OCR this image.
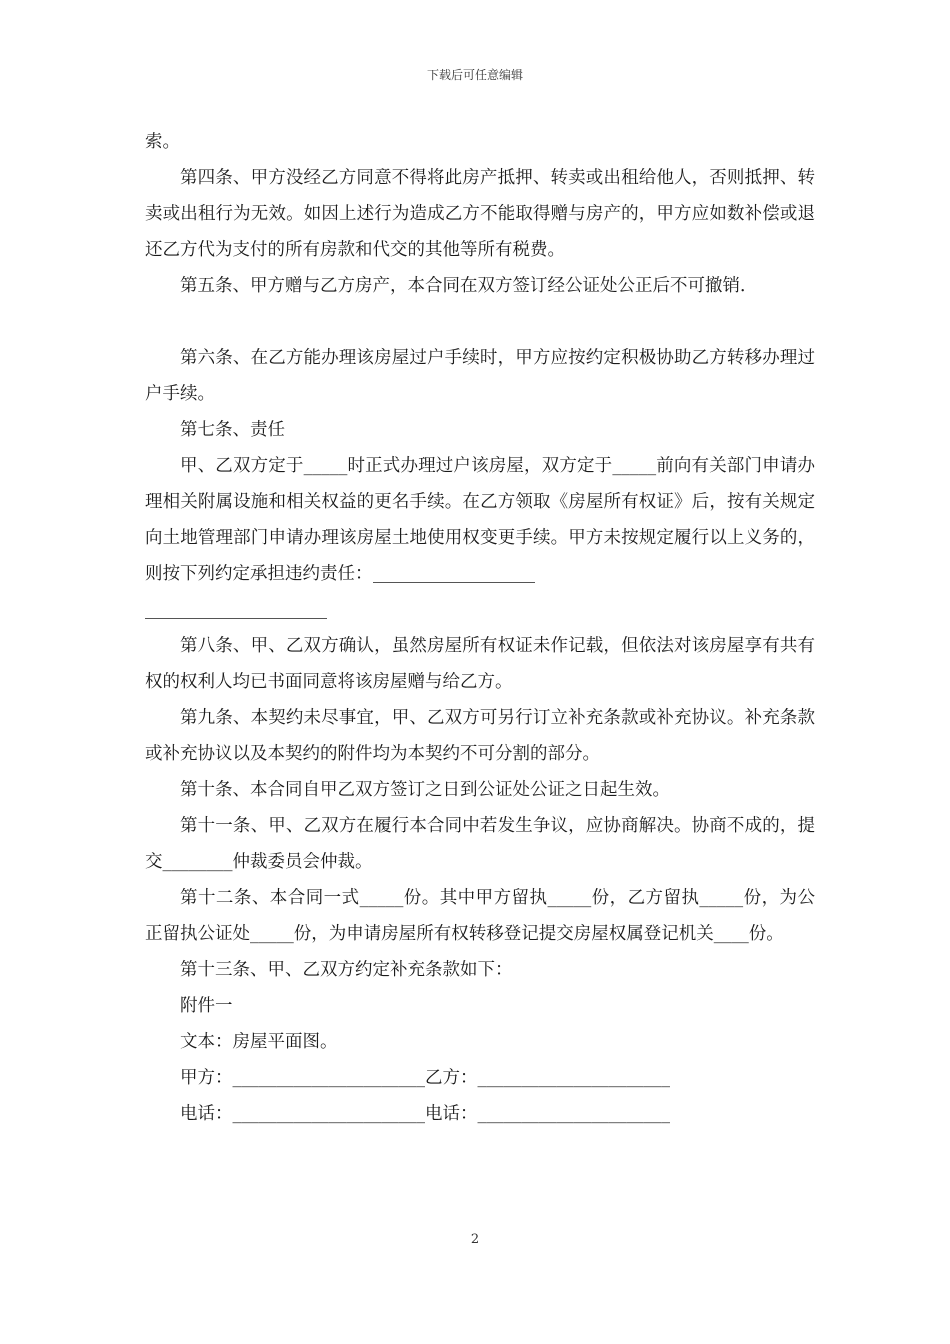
下载后可任意编辑

索。

第四条、甲方没经乙方同意不得将此房产抵押、转卖或出租给他人，否则抵押、转卖或出租行为无效。如因上述行为造成乙方不能取得赠与房产的，甲方应如数补偿或退还乙方代为支付的所有房款和代交的其他等所有税费。

第五条、甲方赠与乙方房产，本合同在双方签订经公证处公正后不可撤销．

第六条、在乙方能办理该房屋过户手续时，甲方应按约定积极协助乙方转移办理过户手续。

第七条、责任

甲、乙双方定于_____时正式办理过户该房屋，双方定于_____前向有关部门申请办理相关附属设施和相关权益的更名手续。在乙方领取《房屋所有权证》后，按有关规定向土地管理部门申请办理该房屋土地使用权变更手续。甲方未按规定履行以上义务的，则按下列约定承担违约责任：

第八条、甲、乙双方确认，虽然房屋所有权证未作记载，但依法对该房屋享有共有权的权利人均已书面同意将该房屋赠与给乙方。

第九条、本契约未尽事宜，甲、乙双方可另行订立补充条款或补充协议。补充条款或补充协议以及本契约的附件均为本契约不可分割的部分。

第十条、本合同自甲乙双方签订之日到公证处公证之日起生效。

第十一条、甲、乙双方在履行本合同中若发生争议，应协商解决。协商不成的，提交________仲裁委员会仲裁。

第十二条、本合同一式_____份。其中甲方留执_____份，乙方留执_____份，为公正留执公证处_____份，为申请房屋所有权转移登记提交房屋权属登记机关____份。

第十三条、甲、乙双方约定补充条款如下：

附件一

文本：房屋平面图。

甲方：______________________乙方：______________________

电话：______________________电话：______________________

2
